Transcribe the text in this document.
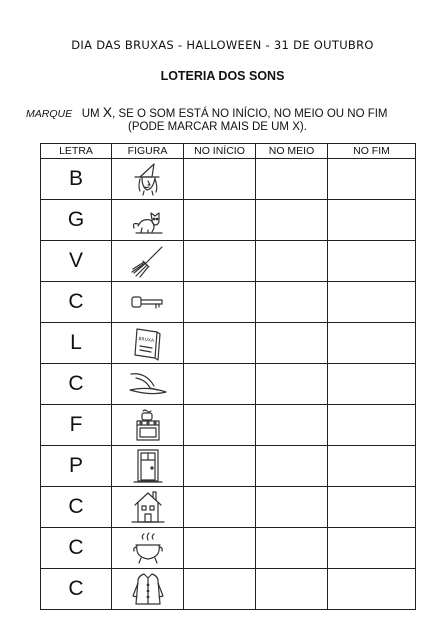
DIA DAS BRUXAS - HALLOWEEN - 31 DE OUTUBRO
LOTERIA DOS SONS
MARQUE UM X, SE O SOM ESTÁ NO INÍCIO, NO MEIO OU NO FIM
(PODE MARCAR MAIS DE UM X).
LETRA	FIGURA	NO INÍCIO	NO MEIO	NO FIM
B				
G				
V				
C				
L	BRUXA			

C				
F				
P				
C				
C				
C				
